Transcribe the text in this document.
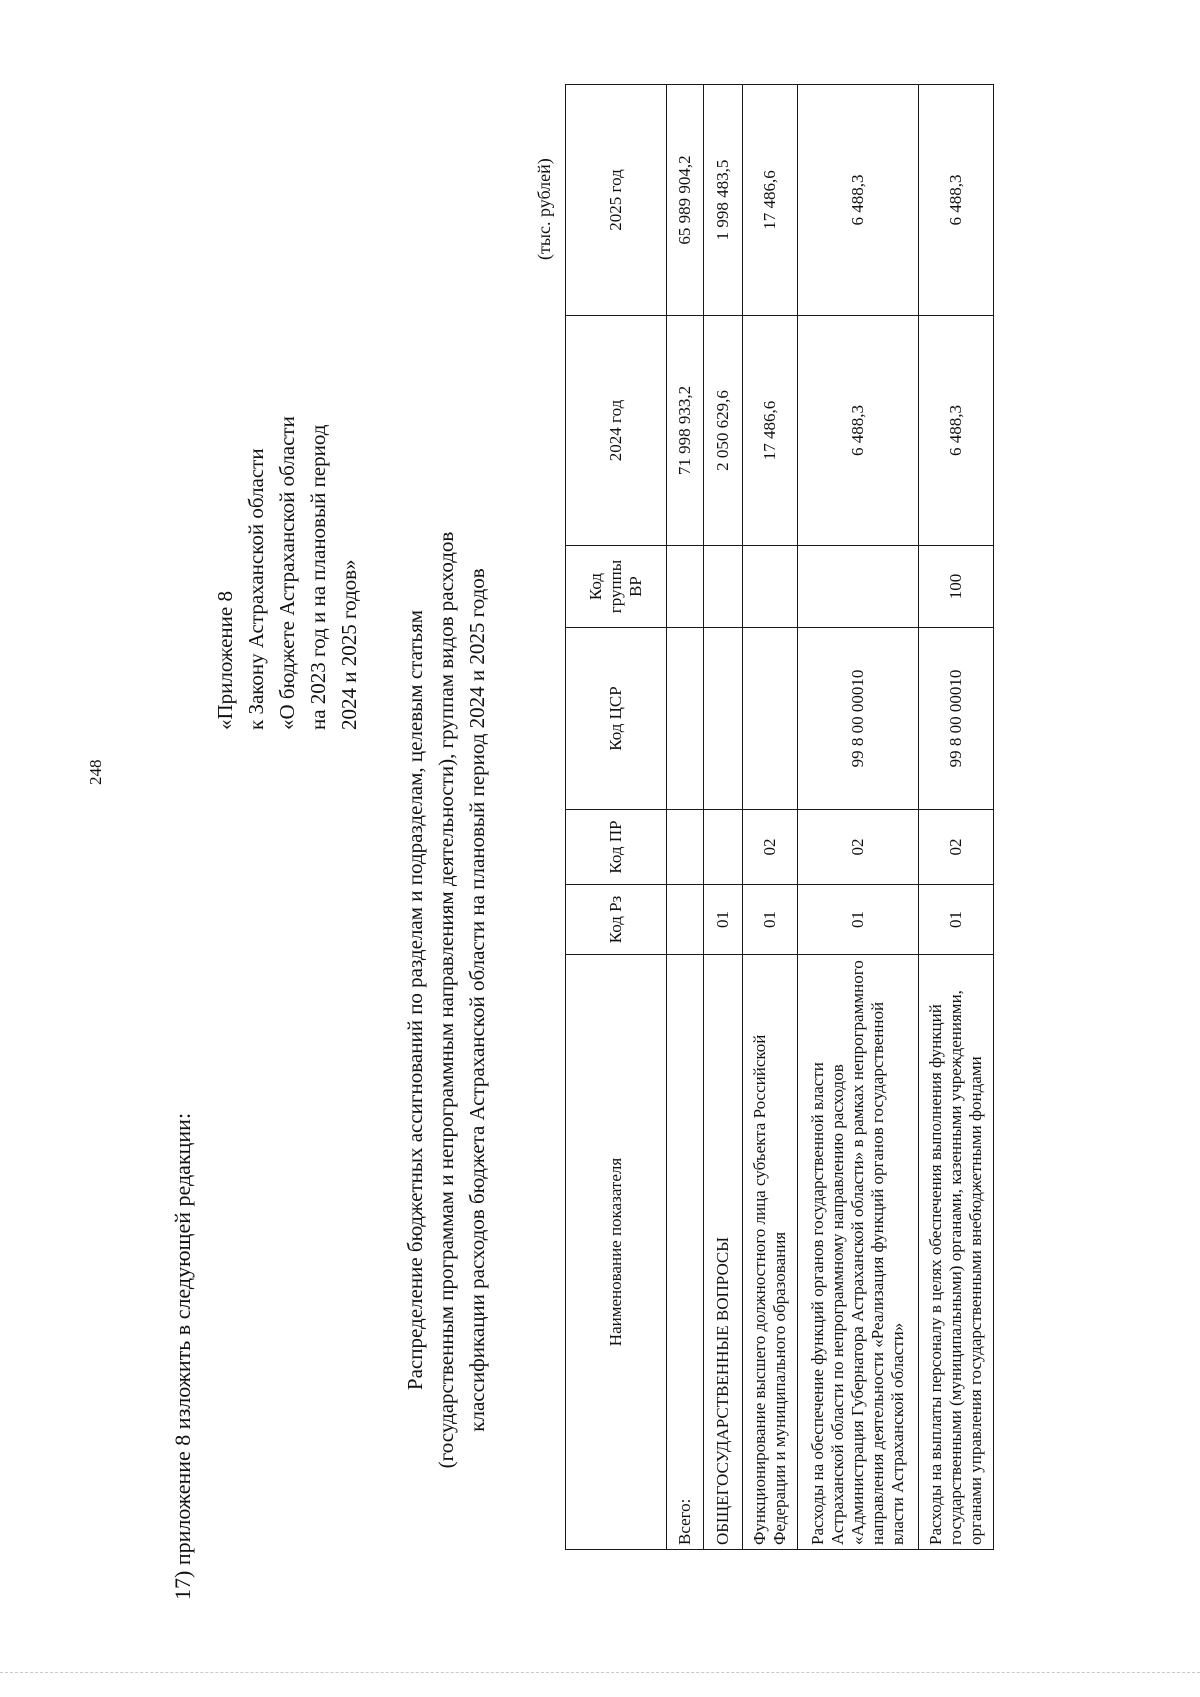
248
17) приложение 8 изложить в следующей редакции:
«Приложение 8 к Закону Астраханской области «О бюджете Астраханской области на 2023 год и на плановый период 2024 и 2025 годов» Распределение бюджетных ассигнований по разделам и подразделам, целевым статьям (государственным программам и непрограммным направлениям деятельности), группам видов расходов классификации расходов бюджета Астраханской области на плановый период 2024 и 2025 годов
(тыс. рублей)
Наименование показателя	Код Рз	Код ПР	Код ЦСР	Код группы ВР	2024 год	2025 год
Всего:					71 998 933,2	65 989 904,2
ОБЩЕГОСУДАРСТВЕННЫЕ ВОПРОСЫ	01				2 050 629,6	1 998 483,5
Функционирование высшего должностного лица субъекта Российской Федерации и муниципального образования	01	02			17 486,6	17 486,6
Расходы на обеспечение функций органов государственной власти Астраханской области по непрограммному направлению расходов «Администрация Губернатора Астраханской области» в рамках непрограммного направления деятельности «Реализация функций органов государственной власти Астраханской области»	01	02	99 8 00 00010		6 488,3	6 488,3
Расходы на выплаты персоналу в целях обеспечения выполнения функций государственными (муниципальными) органами, казенными учреждениями, органами управления государственными внебюджетными фондами	01	02	99 8 00 00010	100	6 488,3	6 488,3
